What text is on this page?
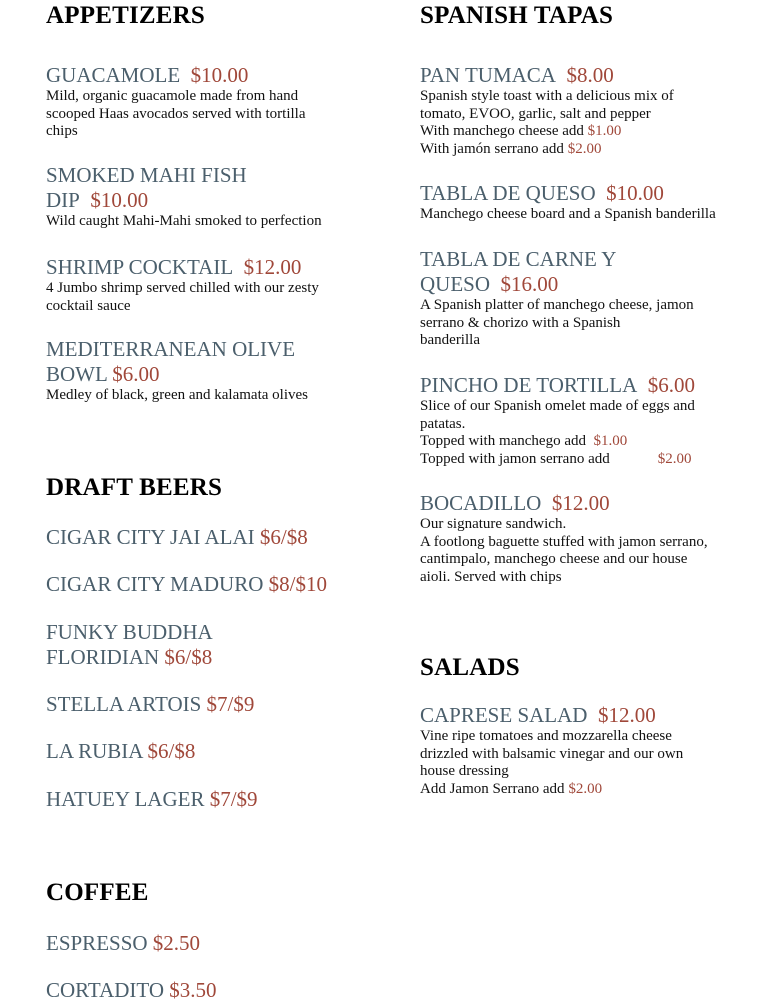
APPETIZERS
GUACAMOLE $10.00
Mild, organic guacamole made from hand
scooped Haas avocados served with tortilla
chips
SMOKED MAHI FISH
DIP $10.00
Wild caught Mahi-Mahi smoked to perfection
SHRIMP COCKTAIL $12.00
4 Jumbo shrimp served chilled with our zesty
cocktail sauce
MEDITERRANEAN OLIVE
BOWL $6.00
Medley of black, green and kalamata olives
DRAFT BEERS
CIGAR CITY JAI ALAI $6/$8
CIGAR CITY MADURO $8/$10
FUNKY BUDDHA
FLORIDIAN $6/$8
STELLA ARTOIS $7/$9
LA RUBIA $6/$8
HATUEY LAGER $7/$9
COFFEE
ESPRESSO $2.50
CORTADITO $3.50
SPANISH TAPAS
PAN TUMACA $8.00
Spanish style toast with a delicious mix of
tomato, EVOO, garlic, salt and pepper
With manchego cheese add $1.00
With jamón serrano add $2.00
TABLA DE QUESO $10.00
Manchego cheese board and a Spanish banderilla
TABLA DE CARNE Y
QUESO $16.00
A Spanish platter of manchego cheese, jamon
serrano & chorizo with a Spanish
banderilla
PINCHO DE TORTILLA $6.00
Slice of our Spanish omelet made of eggs and
patatas.
Topped with manchego add $1.00
Topped with jamon serrano add	$2.00
BOCADILLO $12.00
Our signature sandwich.
A footlong baguette stuffed with jamon serrano,
cantimpalo, manchego cheese and our house
aioli. Served with chips
SALADS
CAPRESE SALAD $12.00
Vine ripe tomatoes and mozzarella cheese
drizzled with balsamic vinegar and our own
house dressing
Add Jamon Serrano add $2.00
